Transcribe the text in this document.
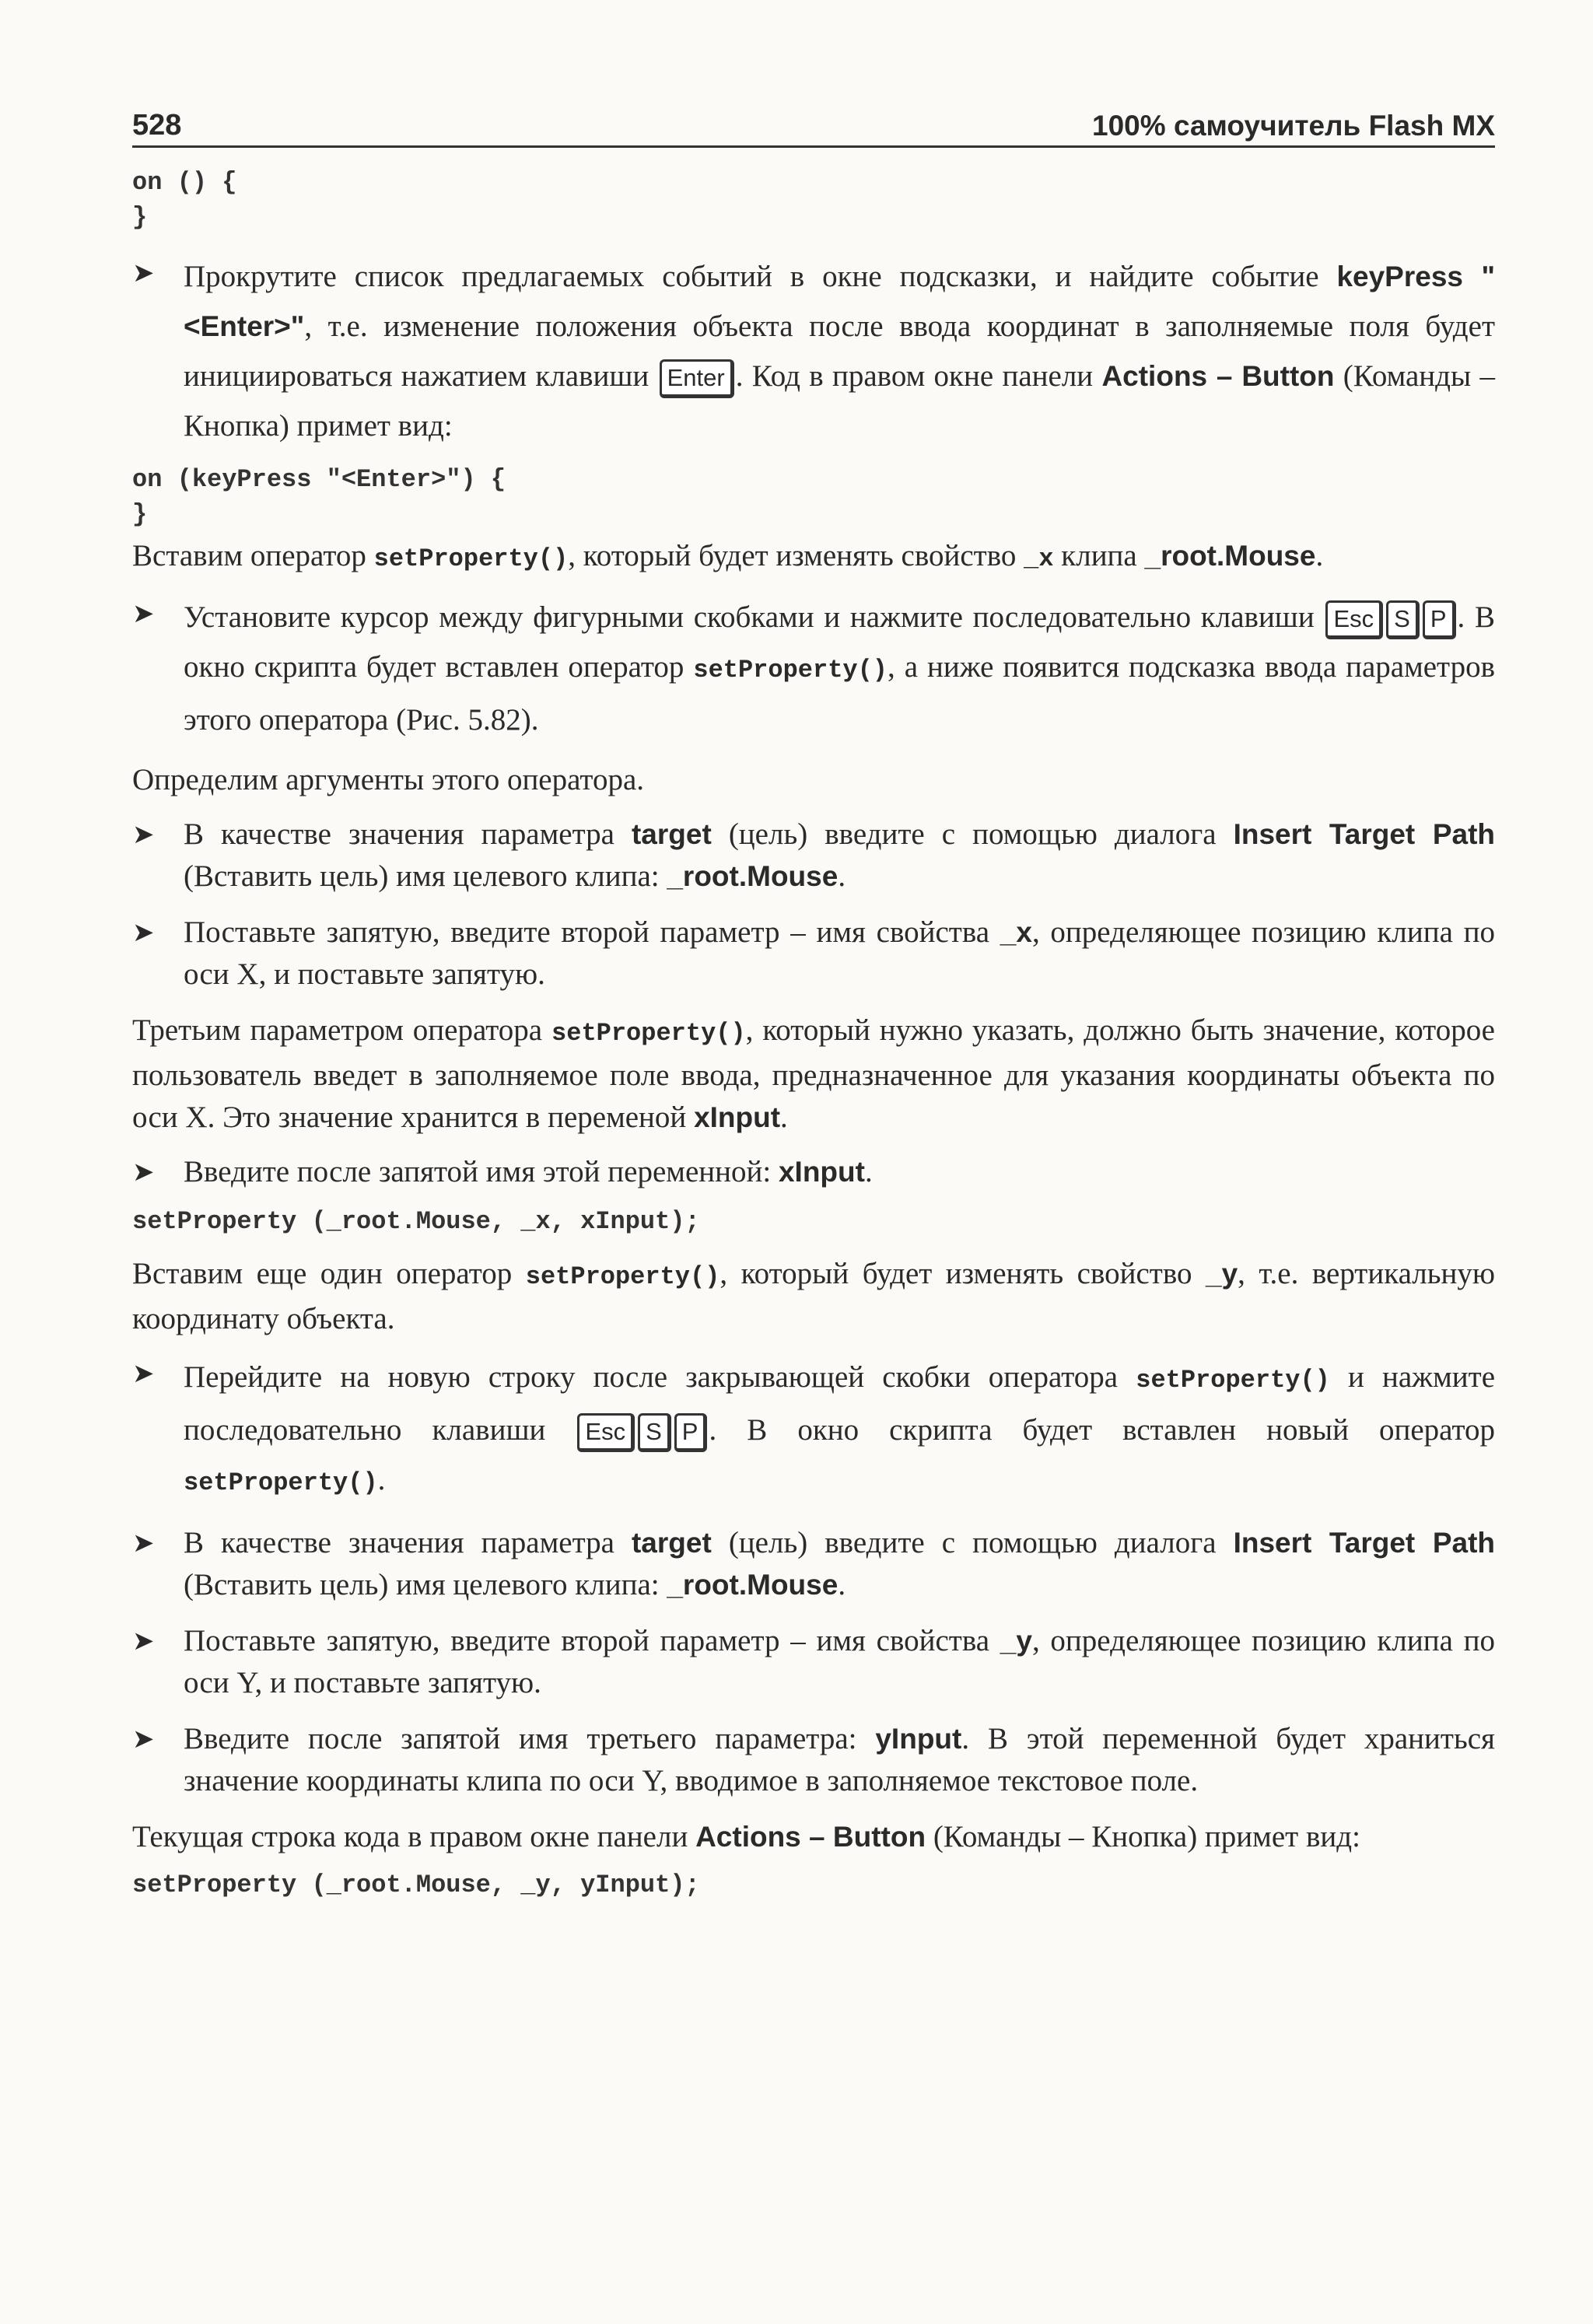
528	100% самоучитель Flash MX
on () {
}
➤ Прокрутите список предлагаемых событий в окне подсказки, и найдите событие keyPress "<Enter>", т.е. изменение положения объекта после ввода координат в заполняемые поля будет инициироваться нажатием клавиши Enter . Код в правом окне панели Actions – Button (Команды – Кнопка) примет вид:
on (keyPress "<Enter>") {
}

Вставим оператор setProperty(), который будет изменять свойство _x клипа _root.Mouse.

➤ Установите курсор между фигурными скобками и нажмите последовательно клавиши Esc S P . В окно скрипта будет вставлен оператор setProperty(), а ниже появится подсказка ввода параметров этого оператора (Рис. 5.82).

Определим аргументы этого оператора.

➤ В качестве значения параметра target (цель) введите с помощью диалога Insert Target Path (Вставить цель) имя целевого клипа: _root.Mouse.
➤ Поставьте запятую, введите второй параметр – имя свойства _x, определяющее позицию клипа по оси X, и поставьте запятую.

Третьим параметром оператора setProperty(), который нужно указать, должно быть значение, которое пользователь введет в заполняемое поле ввода, предназначенное для указания координаты объекта по оси X. Это значение хранится в переменой xInput.

➤ Введите после запятой имя этой переменной: xInput.
setProperty (_root.Mouse, _x, xInput);

Вставим еще один оператор setProperty(), который будет изменять свойство _y, т.е. вертикальную координату объекта.

➤ Перейдите на новую строку после закрывающей скобки оператора setProperty() и нажмите последовательно клавиши Esc S P . В окно скрипта будет вставлен новый оператор setProperty().
➤ В качестве значения параметра target (цель) введите с помощью диалога Insert Target Path (Вставить цель) имя целевого клипа: _root.Mouse.
➤ Поставьте запятую, введите второй параметр – имя свойства _y, определяющее позицию клипа по оси Y, и поставьте запятую.
➤ Введите после запятой имя третьего параметра: yInput. В этой переменной будет храниться значение координаты клипа по оси Y, вводимое в заполняемое текстовое поле.

Текущая строка кода в правом окне панели Actions – Button (Команды – Кнопка) примет вид:

setProperty (_root.Mouse, _y, yInput);
